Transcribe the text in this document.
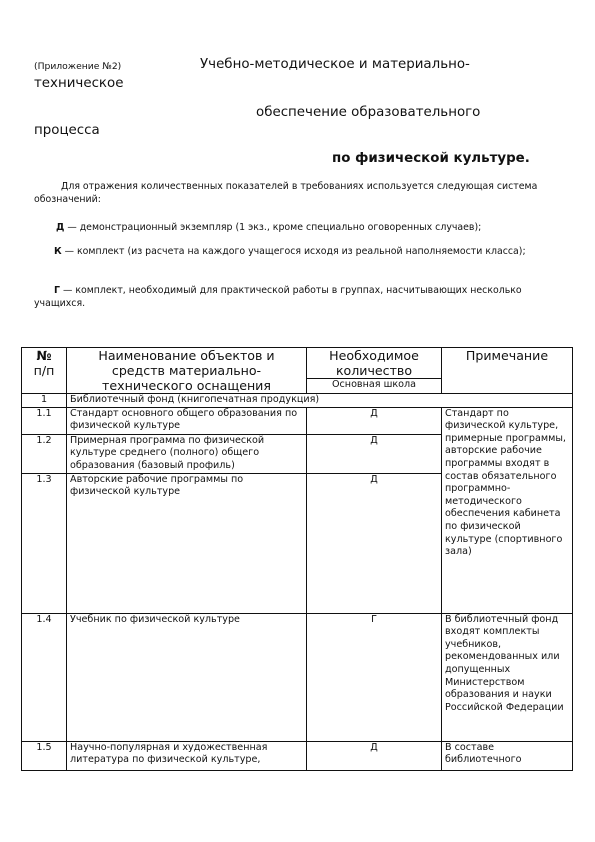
(Приложение №2)	Учебно-методическое и материально-
техническое
обеспечение образовательного
процесса
по физической культуре.
Для отражения количественных показателей в требованиях используется следующая система обозначений:
Д — демонстрационный экземпляр (1 экз., кроме специально оговоренных случаев);
К — комплект (из расчета на каждого учащегося исходя из реальной наполняемости класса);
Г — комплект, необходимый для практической работы в группах, насчитывающих несколько учащихся.
№
п/п	Наименование объектов и средств материально-технического оснащения	Необходимое количество	Примечание
		Основная школа	
1	Библиотечный фонд (книгопечатная продукция)		
1.1	Стандарт основного общего образования по физической культуре	Д	Стандарт по физической культуре, примерные программы, авторские рабочие программы входят в состав обязательного программно-методического обеспечения кабинета по физической культуре (спортивного зала)
1.2	Примерная программа по физической культуре среднего (полного) общего образования (базовый профиль)	Д	
1.3	Авторские рабочие программы по физической культуре	Д	
1.4	Учебник по физической культуре	Г	В библиотечный фонд входят комплекты учебников, рекомендованных или допущенных Министерством образования и науки Российской Федерации
1.5	Научно-популярная и художественная литература по физической культуре,	Д	В составе библиотечного
